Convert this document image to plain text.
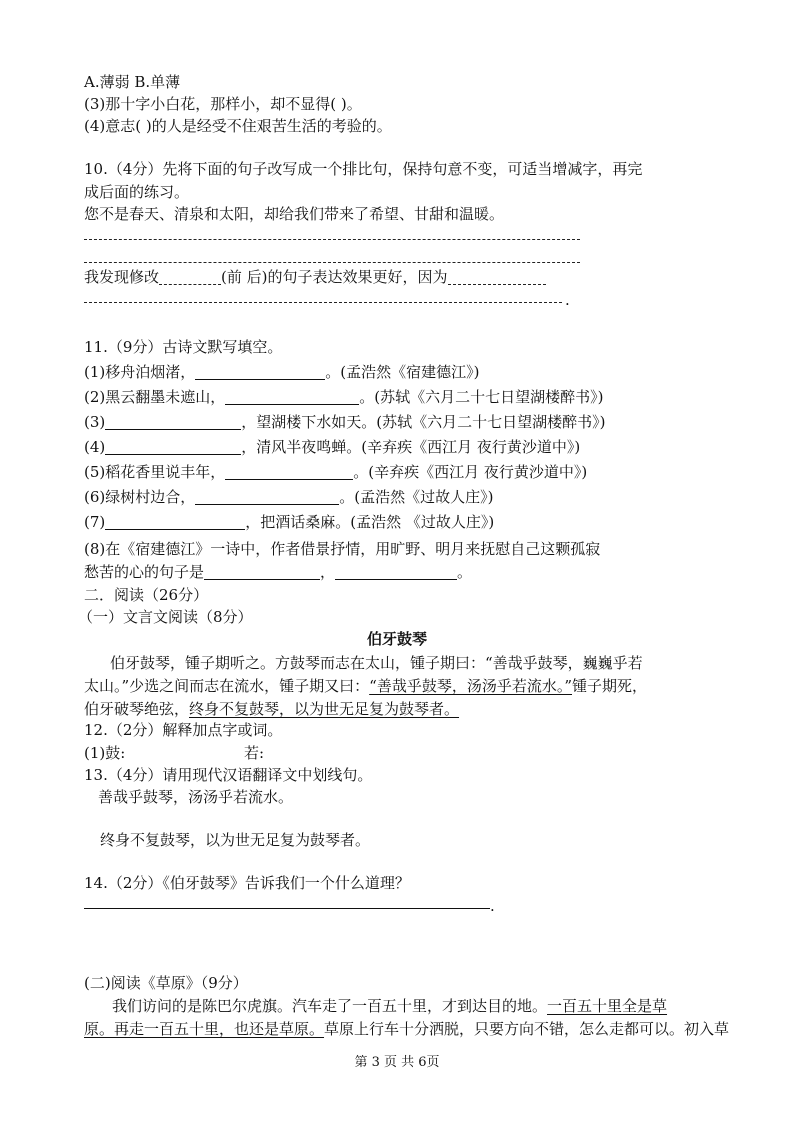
A.薄弱 B.单薄
(3)那十字小白花，那样小，却不显得( )。
(4)意志( )的人是经受不住艰苦生活的考验的。
10.（4分）先将下面的句子改写成一个排比句，保持句意不变，可适当增减字，再完
成后面的练习。
您不是春天、清泉和太阳，却给我们带来了希望、甘甜和温暖。
我发现修改	(前 后)的句子表达效果更好，因为
.
11.（9分）古诗文默写填空。
(1)移舟泊烟渚，	。(孟浩然《宿建德江》)
(2)黑云翻墨未遮山，	。(苏轼《六月二十七日望湖楼醉书》)
(3)	，望湖楼下水如天。(苏轼《六月二十七日望湖楼醉书》)
(4)	，清风半夜鸣蝉。(辛弃疾《西江月 夜行黄沙道中》)
(5)稻花香里说丰年，	。(辛弃疾《西江月 夜行黄沙道中》)
(6)绿树村边合，	。(孟浩然《过故人庄》)
(7)	，把酒话桑麻。(孟浩然 《过故人庄》)
(8)在《宿建德江》一诗中，作者借景抒情，用旷野、明月来抚慰自己这颗孤寂
愁苦的心的句子是	，	。
二．阅读（26分）
（一）文言文阅读（8分）
伯牙鼓琴
伯牙鼓琴，锺子期听之。方鼓琴而志在太山，锺子期曰：“善哉乎鼓琴，巍巍乎若
太山。”少选之间而志在流水，锺子期又曰：“善哉乎鼓琴，汤汤乎若流水。”锺子期死，
伯牙破琴绝弦，终身不复鼓琴，以为世无足复为鼓琴者。
12.（2分）解释加点字或词。
(1)鼓:	若:
13.（4分）请用现代汉语翻译文中划线句。
善哉乎鼓琴，汤汤乎若流水。
终身不复鼓琴，以为世无足复为鼓琴者。
14.（2分）《伯牙鼓琴》告诉我们一个什么道理？
.
(二)阅读《草原》（9分）
我们访问的是陈巴尔虎旗。汽车走了一百五十里，才到达目的地。一百五十里全是草
原。再走一百五十里，也还是草原。草原上行车十分洒脱，只要方向不错，怎么走都可以。初入草
第 3 页 共 6页
